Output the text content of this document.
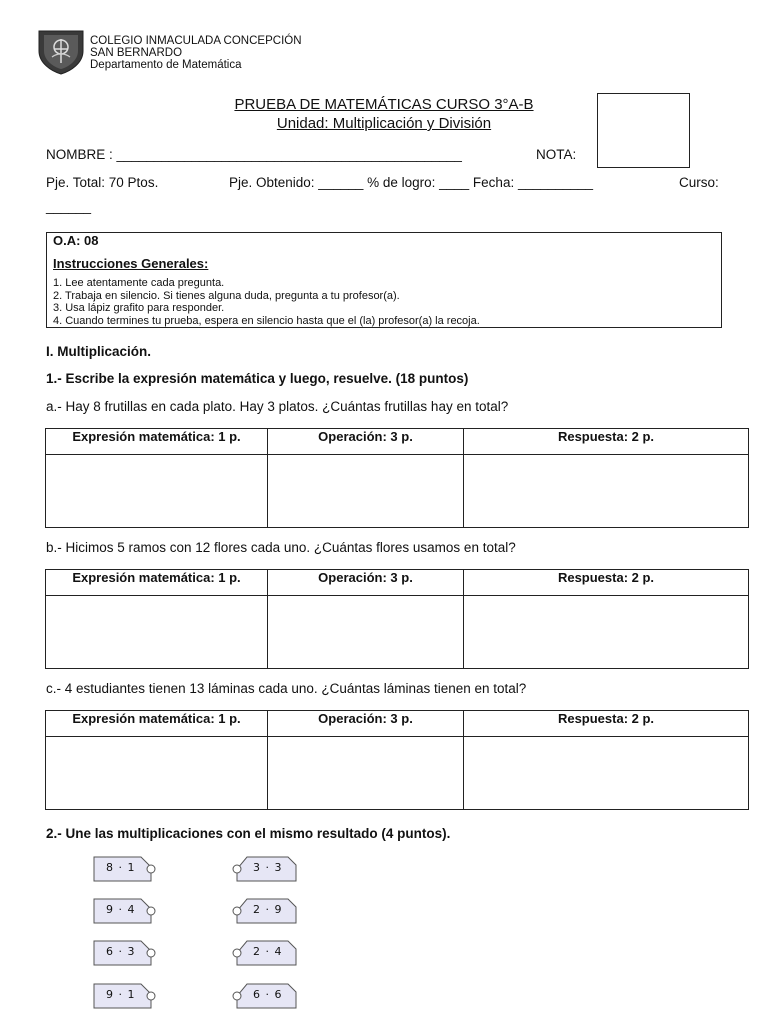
COLEGIO INMACULADA CONCEPCIÓN
SAN BERNARDO
Departamento de Matemática
PRUEBA DE MATEMÁTICAS CURSO 3°A-B
Unidad: Multiplicación y División
NOMBRE : ______________________________________________	NOTA:
Pje. Total: 70 Ptos.	Pje. Obtenido: ______ % de logro: ____ Fecha: __________	Curso:
______
O.A: 08
Instrucciones Generales:
1. Lee atentamente cada pregunta.
2. Trabaja en silencio. Si tienes alguna duda, pregunta a tu profesor(a).
3. Usa lápiz grafito para responder.
4. Cuando termines tu prueba, espera en silencio hasta que el (la) profesor(a) la recoja.
I. Multiplicación.
1.- Escribe la expresión matemática y luego, resuelve. (18 puntos)
a.- Hay 8 frutillas en cada plato. Hay 3 platos. ¿Cuántas frutillas hay en total?
Expresión matemática: 1 p.	Operación: 3 p.	Respuesta: 2 p.

b.- Hicimos 5 ramos con 12 flores cada uno. ¿Cuántas flores usamos en total?
Expresión matemática: 1 p.	Operación: 3 p.	Respuesta: 2 p.

c.- 4 estudiantes tienen 13 láminas cada uno. ¿Cuántas láminas tienen en total?
Expresión matemática: 1 p.	Operación: 3 p.	Respuesta: 2 p.

2.- Une las multiplicaciones con el mismo resultado (4 puntos).
8 · 1
9 · 4
6 · 3
9 · 1
3 · 3
2 · 9
2 · 4
6 · 6
